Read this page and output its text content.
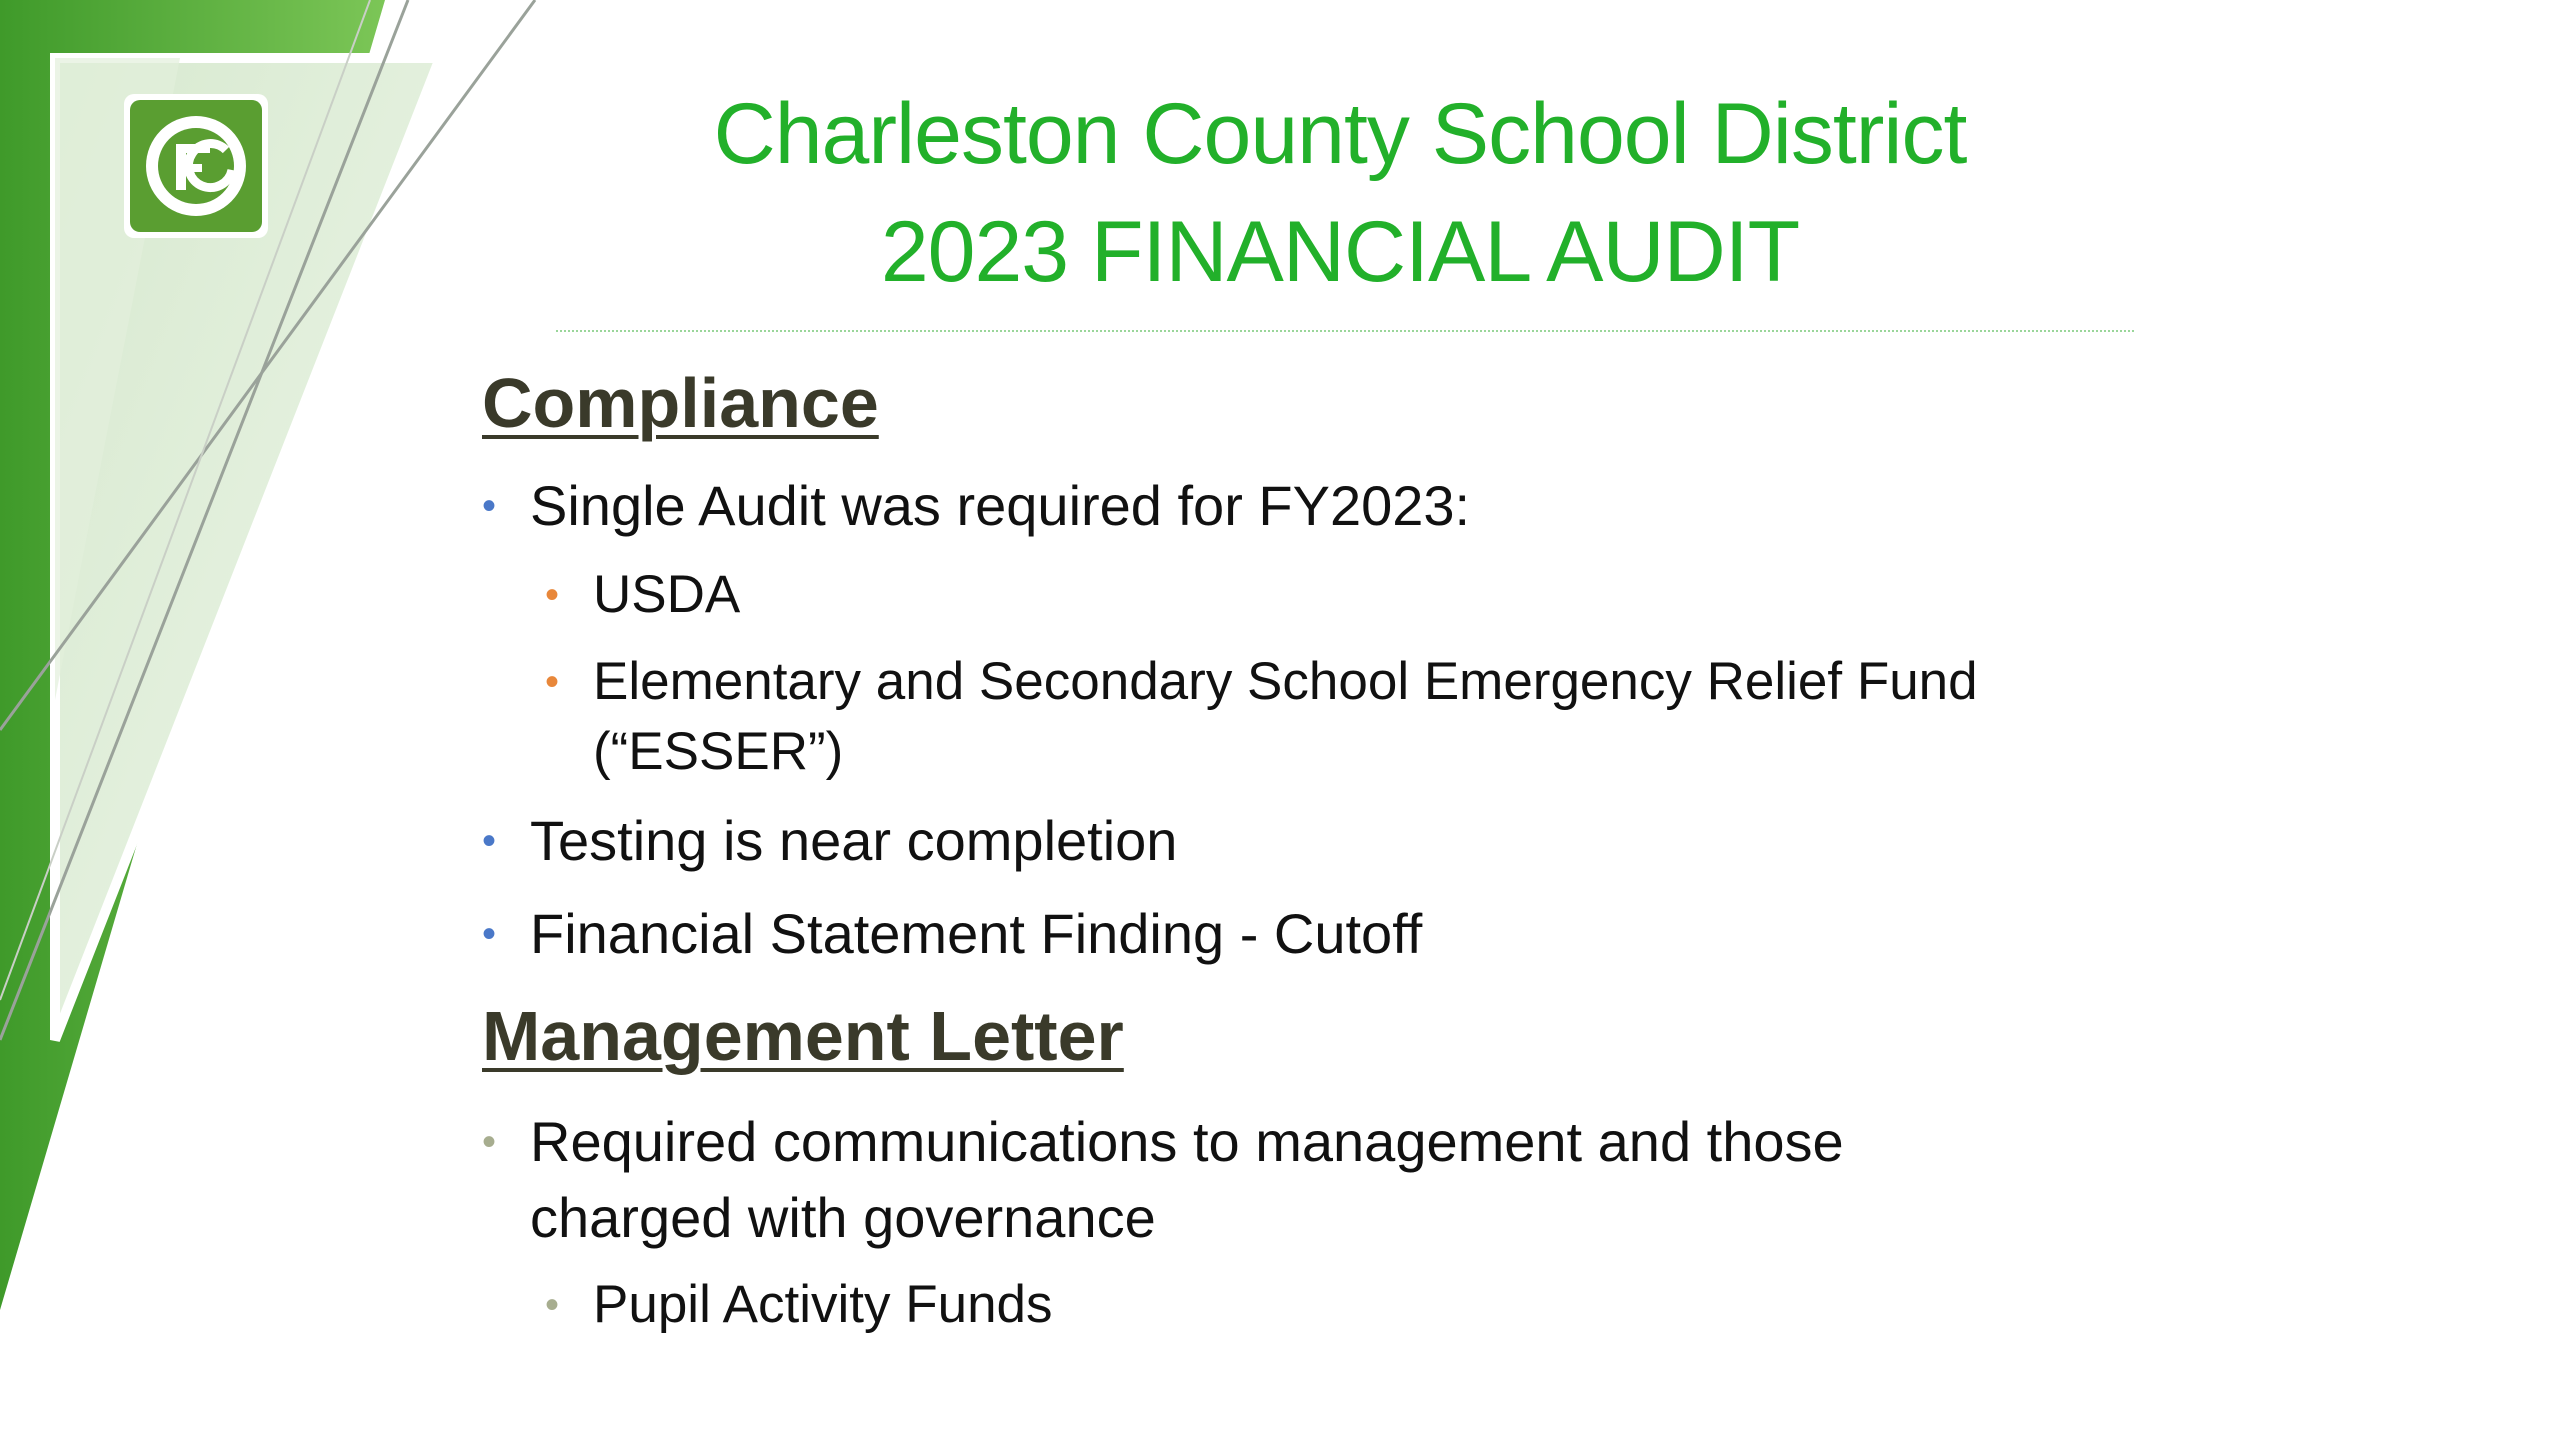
Charleston County School District
2023 FINANCIAL AUDIT
Compliance
• Single Audit was required for FY2023:
• USDA
• Elementary and Secondary School Emergency Relief Fund
(“ESSER”)
• Testing is near completion
• Financial Statement Finding - Cutoff
Management Letter
• Required communications to management and those
charged with governance
• Pupil Activity Funds
